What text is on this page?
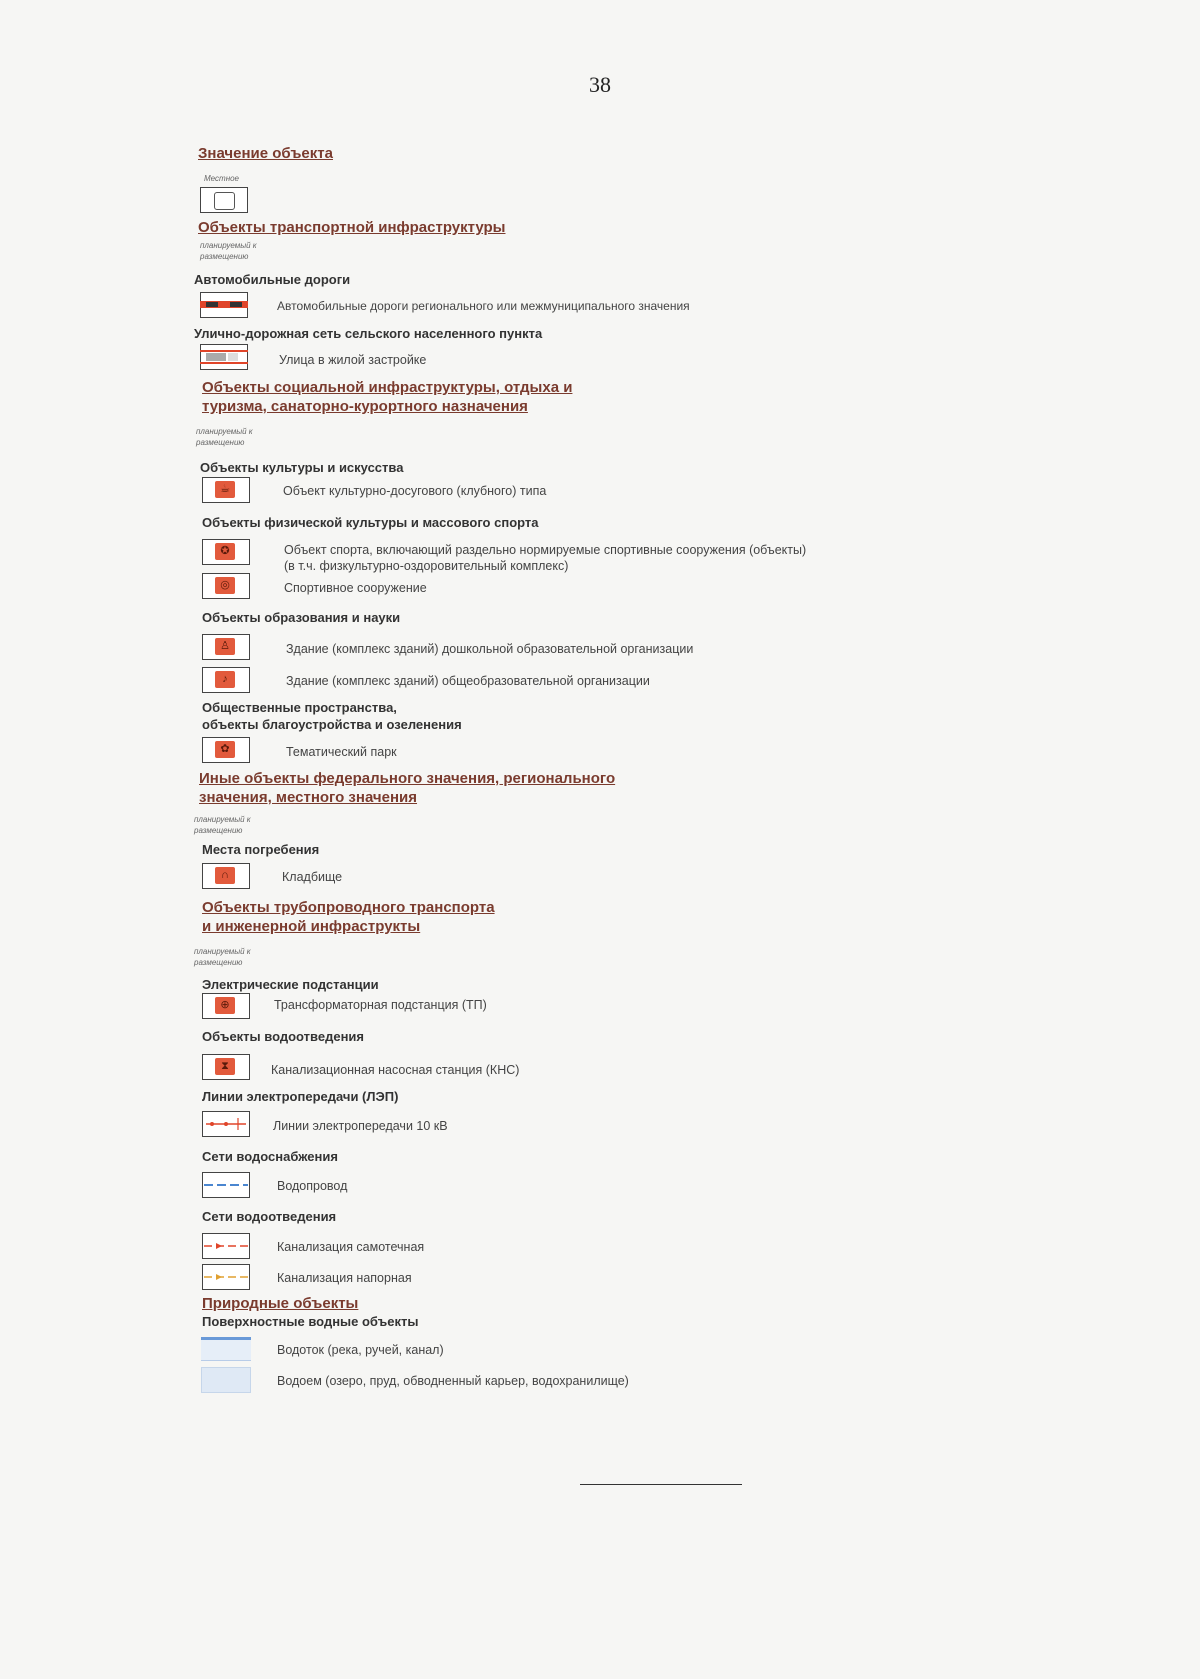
38
Значение объекта
Местное
Объекты транспортной инфраструктуры
планируемый к размещению
Автомобильные дороги
Автомобильные дороги регионального или межмуниципального значения
Улично-дорожная сеть сельского населенного пункта
Улица в жилой застройке
Объекты социальной инфраструктуры, отдыха и
туризма, санаторно-курортного назначения
планируемый к размещению
Объекты культуры и искусства
☕	Объект культурно-досугового (клубного) типа
Объекты физической культуры и массового спорта
✪	Объект спорта, включающий раздельно нормируемые спортивные сооружения (объекты)
(в т.ч. физкультурно-оздоровительный комплекс)
◎	Спортивное сооружение
Объекты образования и науки
♙	Здание (комплекс зданий) дошкольной образовательной организации
♪	Здание (комплекс зданий) общеобразовательной организации
Общественные пространства,
объекты благоустройства и озеленения
✿	Тематический парк
Иные объекты федерального значения, регионального
значения, местного значения
планируемый к размещению
Места погребения
∩	Кладбище
Объекты трубопроводного транспорта
и инженерной инфраструкты
планируемый к размещению
Электрические подстанции
⊕	Трансформаторная подстанция (ТП)
Объекты водоотведения
⧗	Канализационная насосная станция (КНС)
Линии электропередачи (ЛЭП)
Линии электропередачи 10 кВ
Сети водоснабжения
Водопровод
Сети водоотведения
Канализация самотечная
Канализация напорная
Природные объекты
Поверхностные водные объекты
Водоток (река, ручей, канал)
Водоем (озеро, пруд, обводненный карьер, водохранилище)
